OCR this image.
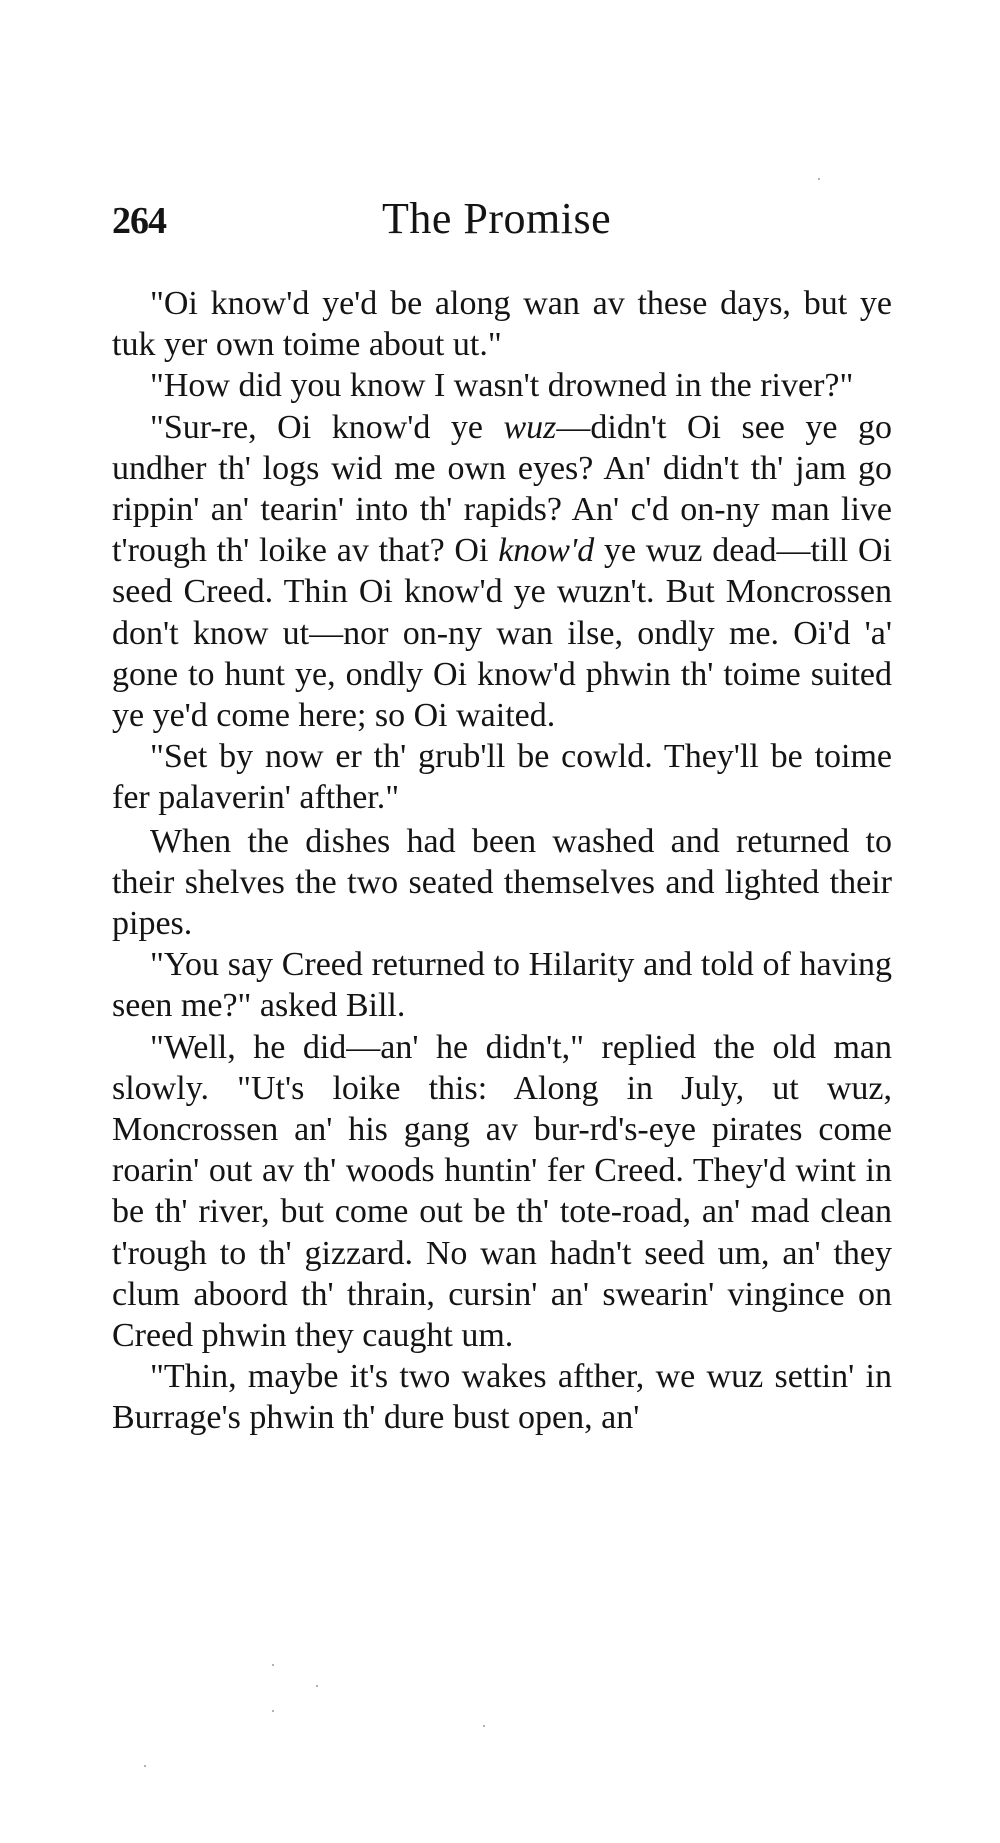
264	The Promise

"Oi know'd ye'd be along wan av these days, but ye tuk yer own toime about ut."

"How did you know I wasn't drowned in the river?"

"Sur-re, Oi know'd ye wuz—didn't Oi see ye go undher th' logs wid me own eyes? An' didn't th' jam go rippin' an' tearin' into th' rapids? An' c'd on-ny man live t'rough th' loike av that? Oi know'd ye wuz dead—till Oi seed Creed. Thin Oi know'd ye wuzn't. But Moncrossen don't know ut—nor on-ny wan ilse, ondly me. Oi'd 'a' gone to hunt ye, ondly Oi know'd phwin th' toime suited ye ye'd come here; so Oi waited.

"Set by now er th' grub'll be cowld. They'll be toime fer palaverin' afther."

When the dishes had been washed and returned to their shelves the two seated themselves and lighted their pipes.

"You say Creed returned to Hilarity and told of having seen me?" asked Bill.

"Well, he did—an' he didn't," replied the old man slowly. "Ut's loike this: Along in July, ut wuz, Moncrossen an' his gang av bur-rd's-eye pirates come roarin' out av th' woods huntin' fer Creed. They'd wint in be th' river, but come out be th' tote-road, an' mad clean t'rough to th' gizzard. No wan hadn't seed um, an' they clum aboord th' thrain, cursin' an' swearin' vingince on Creed phwin they caught um.

"Thin, maybe it's two wakes afther, we wuz settin' in Burrage's phwin th' dure bust open, an'
